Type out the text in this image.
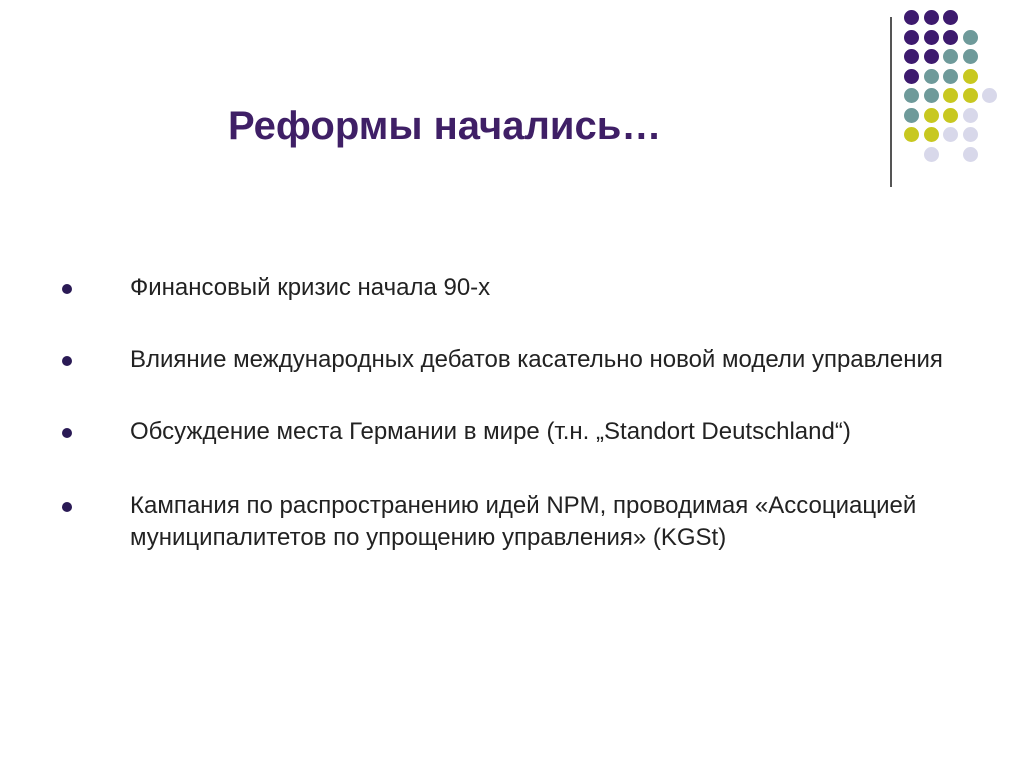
Реформы начались…
Финансовый кризис начала 90-х
Влияние международных дебатов касательно новой модели управления
Обсуждение места Германии в мире (т.н. „Standort Deutschland“)
Кампания по распространению идей NPM, проводимая «Ассоциацией муниципалитетов по упрощению управления» (KGSt)
